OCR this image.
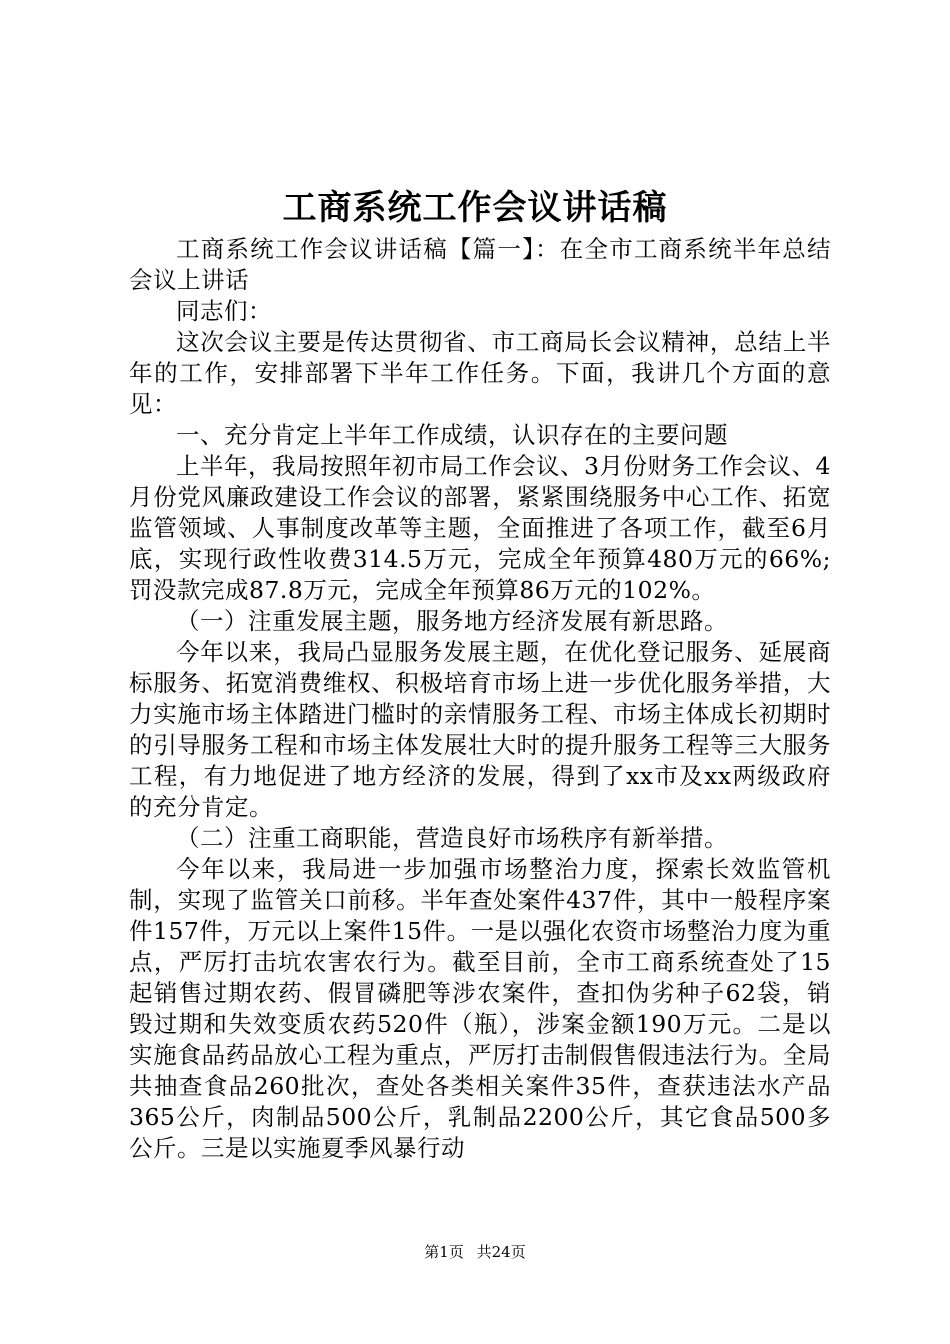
工商系统工作会议讲话稿

工商系统工作会议讲话稿【篇一】：在全市工商系统半年总结会议上讲话

同志们：

这次会议主要是传达贯彻省、市工商局长会议精神，总结上半年的工作，安排部署下半年工作任务。下面，我讲几个方面的意见：

一、充分肯定上半年工作成绩，认识存在的主要问题

上半年，我局按照年初市局工作会议、3月份财务工作会议、4月份党风廉政建设工作会议的部署，紧紧围绕服务中心工作、拓宽监管领域、人事制度改革等主题，全面推进了各项工作，截至6月底，实现行政性收费314.5万元，完成全年预算480万元的66%;罚没款完成87.8万元，完成全年预算86万元的102%。

（一）注重发展主题，服务地方经济发展有新思路。

今年以来，我局凸显服务发展主题，在优化登记服务、延展商标服务、拓宽消费维权、积极培育市场上进一步优化服务举措，大力实施市场主体踏进门槛时的亲情服务工程、市场主体成长初期时的引导服务工程和市场主体发展壮大时的提升服务工程等三大服务工程，有力地促进了地方经济的发展，得到了xx市及xx两级政府的充分肯定。

（二）注重工商职能，营造良好市场秩序有新举措。

今年以来，我局进一步加强市场整治力度，探索长效监管机制，实现了监管关口前移。半年查处案件437件，其中一般程序案件157件，万元以上案件15件。一是以强化农资市场整治力度为重点，严厉打击坑农害农行为。截至目前，全市工商系统查处了15起销售过期农药、假冒磷肥等涉农案件，查扣伪劣种子62袋，销毁过期和失效变质农药520件（瓶），涉案金额190万元。二是以实施食品药品放心工程为重点，严厉打击制假售假违法行为。全局共抽查食品260批次，查处各类相关案件35件，查获违法水产品365公斤，肉制品500公斤，乳制品2200公斤，其它食品500多公斤。三是以实施夏季风暴行动

第1页 共24页
